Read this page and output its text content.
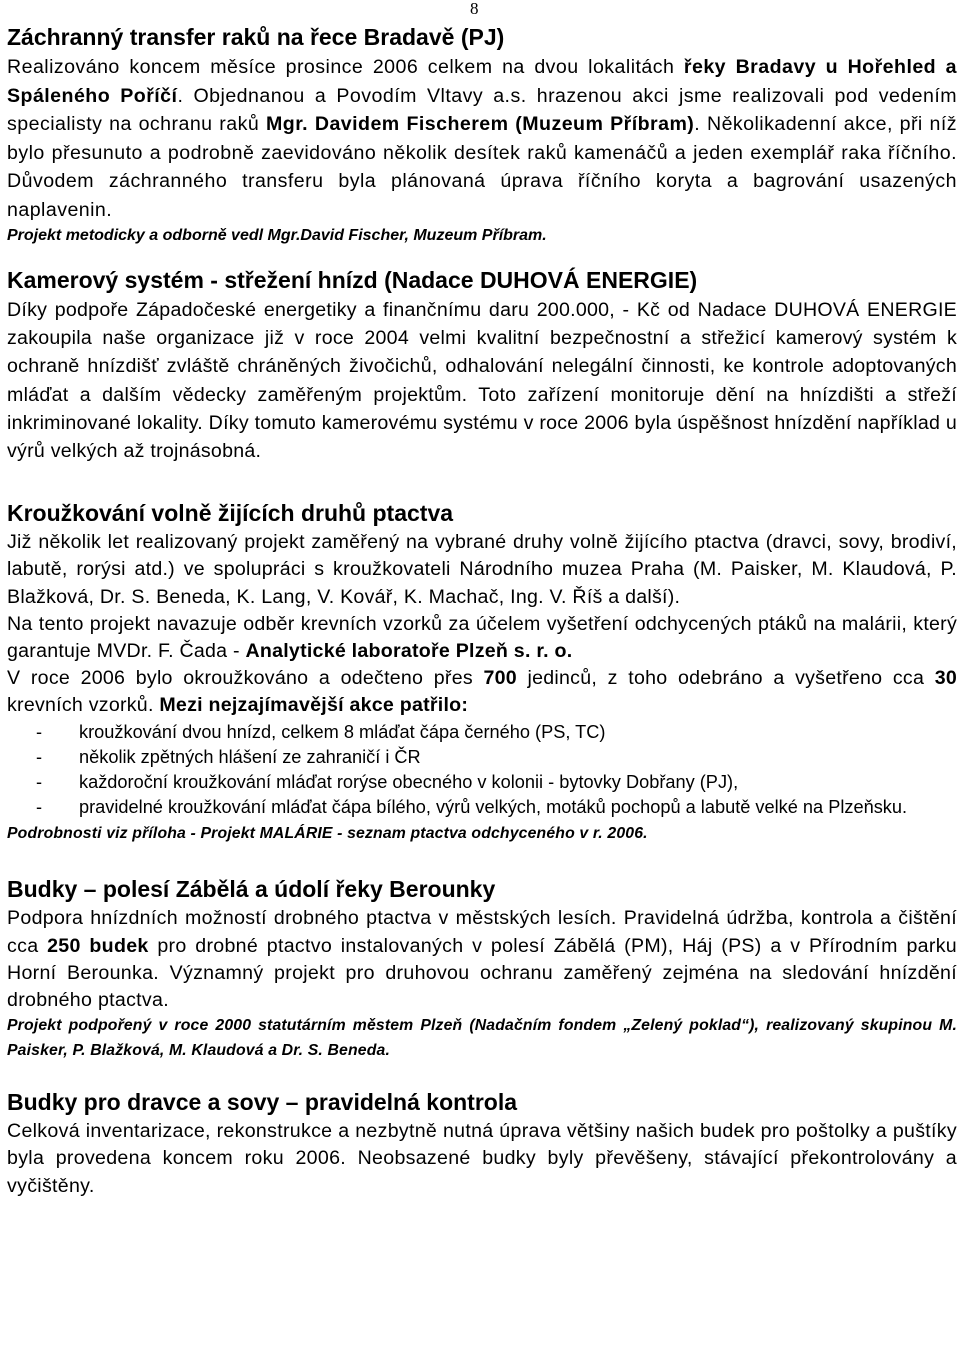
8
Záchranný transfer raků na řece Bradavě (PJ)

Realizováno koncem měsíce prosince 2006 celkem na dvou lokalitách řeky Bradavy u Hořehled a Spáleného Poříčí. Objednanou a Povodím Vltavy a.s. hrazenou akci jsme realizovali pod vedením specialisty na ochranu raků Mgr. Davidem Fischerem (Muzeum Příbram). Několikadenní akce, při níž bylo přesunuto a podrobně zaevidováno několik desítek raků kamenáčů a jeden exemplář raka říčního. Důvodem záchranného transferu byla plánovaná úprava říčního koryta a bagrování usazených naplavenin.

Projekt metodicky a odborně vedl Mgr.David Fischer, Muzeum Příbram.

Kamerový systém - střežení hnízd (Nadace DUHOVÁ ENERGIE)

Díky podpoře Západočeské energetiky a finančnímu daru 200.000, - Kč od Nadace DUHOVÁ ENERGIE zakoupila naše organizace již v roce 2004 velmi kvalitní bezpečnostní a střežicí kamerový systém k ochraně hnízdišť zvláště chráněných živočichů, odhalování nelegální činnosti, ke kontrole adoptovaných mláďat a dalším vědecky zaměřeným projektům. Toto zařízení monitoruje dění na hnízdišti a střeží inkriminované lokality. Díky tomuto kamerovému systému v roce 2006 byla úspěšnost hnízdění například u výrů velkých až trojnásobná.

Kroužkování volně žijících druhů ptactva

Již několik let realizovaný projekt zaměřený na vybrané druhy volně žijícího ptactva (dravci, sovy, brodiví, labutě, rorýsi atd.) ve spolupráci s kroužkovateli Národního muzea Praha (M. Paisker, M. Klaudová, P. Blažková, Dr. S. Beneda, K. Lang, V. Kovář, K. Machač, Ing. V. Říš a další).

Na tento projekt navazuje odběr krevních vzorků za účelem vyšetření odchycených ptáků na malárii, který garantuje MVDr. F. Čada - Analytické laboratoře Plzeň s. r. o.

V roce 2006 bylo okroužkováno a odečteno přes 700 jedinců, z toho odebráno a vyšetřeno cca 30 krevních vzorků. Mezi nejzajímavější akce patřilo:

- kroužkování dvou hnízd, celkem 8 mláďat čápa černého (PS, TC)
- několik zpětných hlášení ze zahraničí i ČR
- každoroční kroužkování mláďat rorýse obecného v kolonii - bytovky Dobřany (PJ),
- pravidelné kroužkování mláďat čápa bílého, výrů velkých, motáků pochopů a labutě velké na Plzeňsku.

Podrobnosti viz příloha - Projekt MALÁRIE - seznam ptactva odchyceného v r. 2006.

Budky – polesí Zábělá a údolí řeky Berounky

Podpora hnízdních možností drobného ptactva v městských lesích. Pravidelná údržba, kontrola a čištění cca 250 budek pro drobné ptactvo instalovaných v polesí Zábělá (PM), Háj (PS) a v Přírodním parku Horní Berounka. Významný projekt pro druhovou ochranu zaměřený zejména na sledování hnízdění drobného ptactva.

Projekt podpořený v roce 2000 statutárním městem Plzeň (Nadačním fondem „Zelený poklad“), realizovaný skupinou M. Paisker, P. Blažková, M. Klaudová a Dr. S. Beneda.

Budky pro dravce a sovy – pravidelná kontrola

Celková inventarizace, rekonstrukce a nezbytně nutná úprava většiny našich budek pro poštolky a puštíky byla provedena koncem roku 2006. Neobsazené budky byly převěšeny, stávající překontrolovány a vyčištěny.
